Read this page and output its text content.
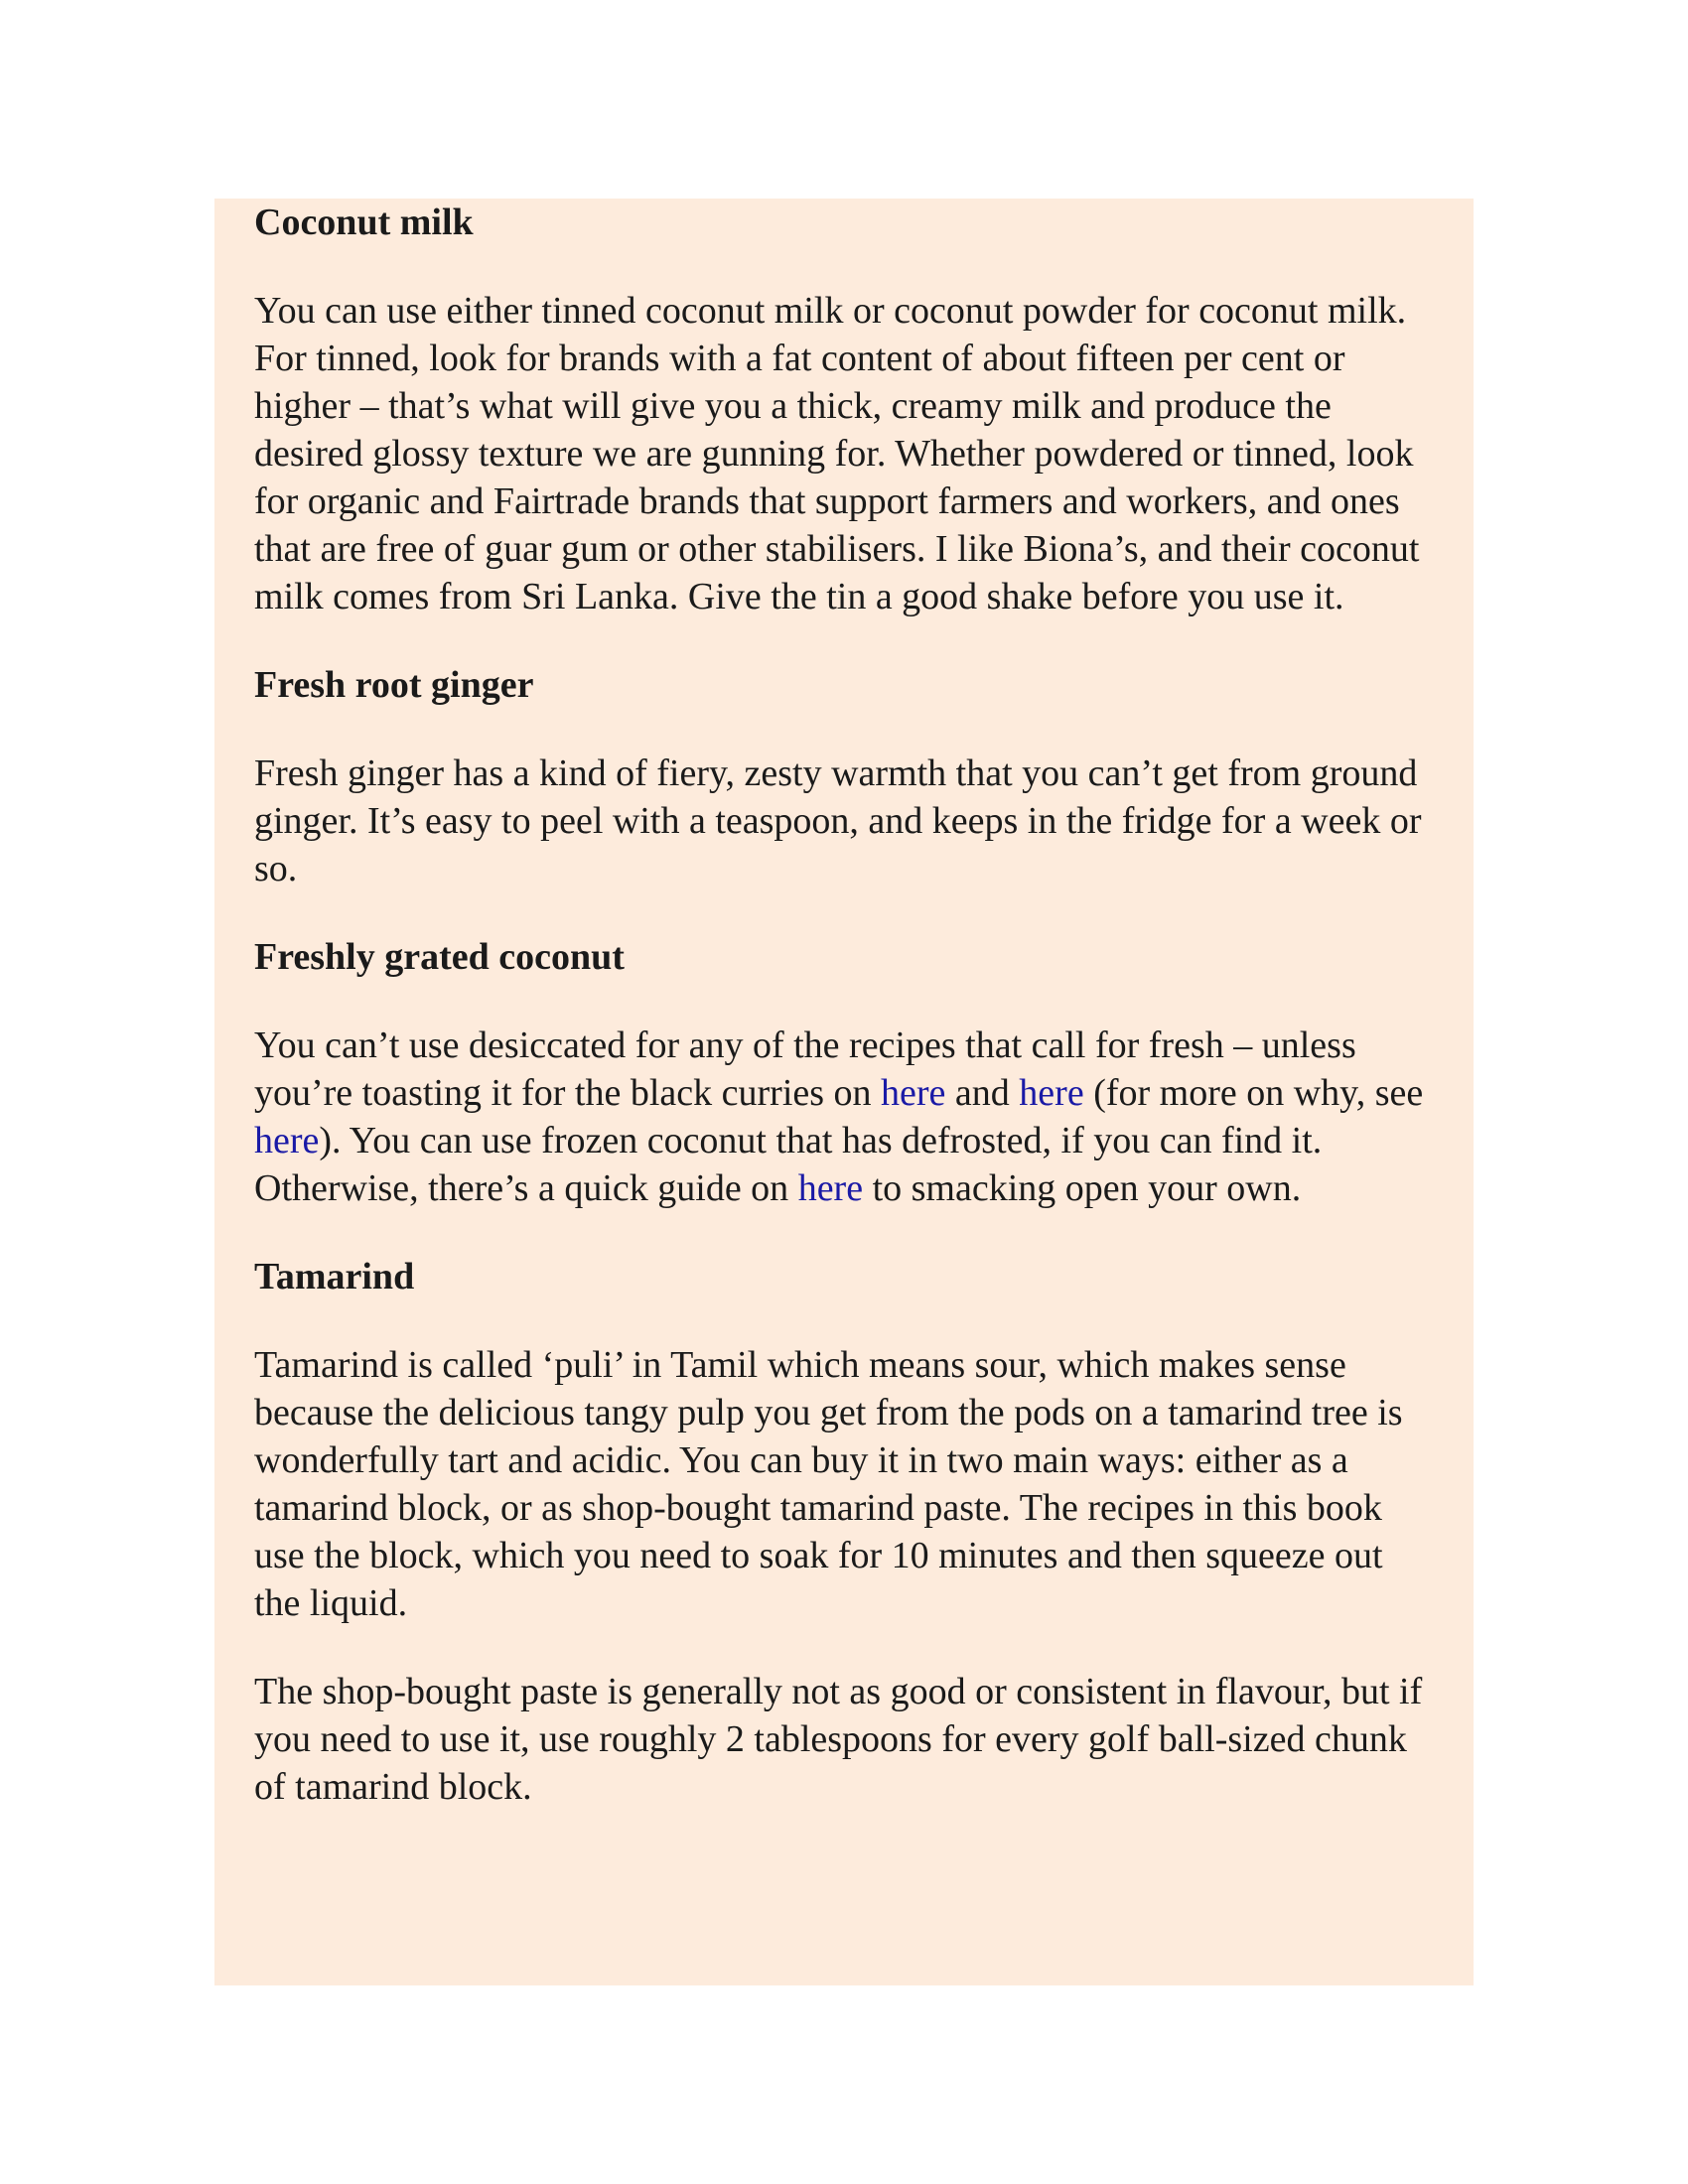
Coconut milk

You can use either tinned coconut milk or coconut powder for coconut milk. For tinned, look for brands with a fat content of about fifteen per cent or higher – that’s what will give you a thick, creamy milk and produce the desired glossy texture we are gunning for. Whether powdered or tinned, look for organic and Fairtrade brands that support farmers and workers, and ones that are free of guar gum or other stabilisers. I like Biona’s, and their coconut milk comes from Sri Lanka. Give the tin a good shake before you use it.

Fresh root ginger

Fresh ginger has a kind of fiery, zesty warmth that you can’t get from ground ginger. It’s easy to peel with a teaspoon, and keeps in the fridge for a week or so.

Freshly grated coconut

You can’t use desiccated for any of the recipes that call for fresh – unless you’re toasting it for the black curries on here and here (for more on why, see here). You can use frozen coconut that has defrosted, if you can find it. Otherwise, there’s a quick guide on here to smacking open your own.

Tamarind

Tamarind is called ‘puli’ in Tamil which means sour, which makes sense because the delicious tangy pulp you get from the pods on a tamarind tree is wonderfully tart and acidic. You can buy it in two main ways: either as a tamarind block, or as shop-bought tamarind paste. The recipes in this book use the block, which you need to soak for 10 minutes and then squeeze out the liquid.

The shop-bought paste is generally not as good or consistent in flavour, but if you need to use it, use roughly 2 tablespoons for every golf ball-sized chunk of tamarind block.
